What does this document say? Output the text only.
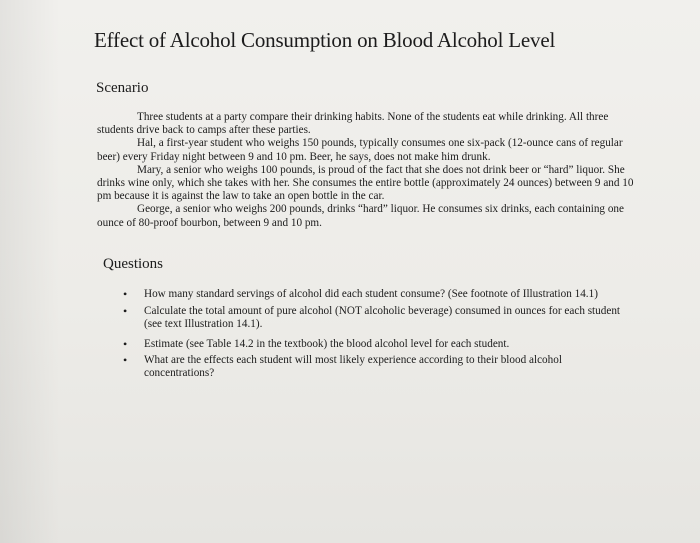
Effect of Alcohol Consumption on Blood Alcohol Level
Scenario

Three students at a party compare their drinking habits. None of the students eat while drinking. All three students drive back to camps after these parties.

Hal, a first-year student who weighs 150 pounds, typically consumes one six-pack (12-ounce cans of regular beer) every Friday night between 9 and 10 pm. Beer, he says, does not make him drunk.

Mary, a senior who weighs 100 pounds, is proud of the fact that she does not drink beer or “hard” liquor. She drinks wine only, which she takes with her. She consumes the entire bottle (approximately 24 ounces) between 9 and 10 pm because it is against the law to take an open bottle in the car.

George, a senior who weighs 200 pounds, drinks “hard” liquor. He consumes six drinks, each containing one ounce of 80-proof bourbon, between 9 and 10 pm.

Questions
• How many standard servings of alcohol did each student consume? (See footnote of Illustration 14.1)
• Calculate the total amount of pure alcohol (NOT alcoholic beverage) consumed in ounces for each student (see text Illustration 14.1).
• Estimate (see Table 14.2 in the textbook) the blood alcohol level for each student.
• What are the effects each student will most likely experience according to their blood alcohol concentrations?
